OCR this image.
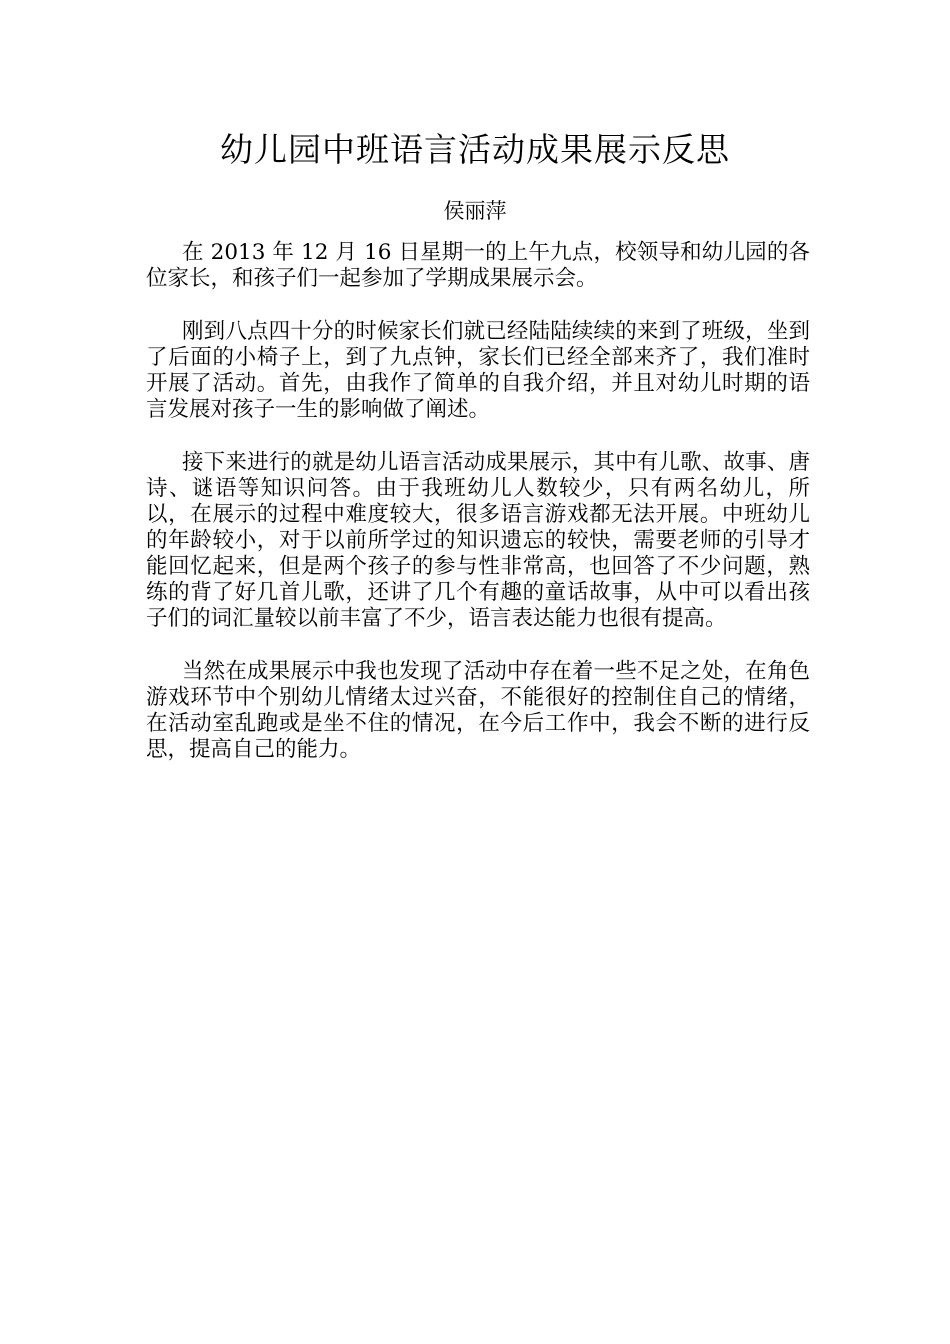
幼儿园中班语言活动成果展示反思
侯丽萍

在 2013 年 12 月 16 日星期一的上午九点，校领导和幼儿园的各位家长，和孩子们一起参加了学期成果展示会。

刚到八点四十分的时候家长们就已经陆陆续续的来到了班级，坐到了后面的小椅子上，到了九点钟，家长们已经全部来齐了，我们准时开展了活动。首先，由我作了简单的自我介绍，并且对幼儿时期的语言发展对孩子一生的影响做了阐述。

接下来进行的就是幼儿语言活动成果展示，其中有儿歌、故事、唐诗、谜语等知识问答。由于我班幼儿人数较少，只有两名幼儿，所以，在展示的过程中难度较大，很多语言游戏都无法开展。中班幼儿的年龄较小，对于以前所学过的知识遗忘的较快，需要老师的引导才能回忆起来，但是两个孩子的参与性非常高，也回答了不少问题，熟练的背了好几首儿歌，还讲了几个有趣的童话故事，从中可以看出孩子们的词汇量较以前丰富了不少，语言表达能力也很有提高。

当然在成果展示中我也发现了活动中存在着一些不足之处，在角色游戏环节中个别幼儿情绪太过兴奋，不能很好的控制住自己的情绪，在活动室乱跑或是坐不住的情况，在今后工作中，我会不断的进行反思，提高自己的能力。
